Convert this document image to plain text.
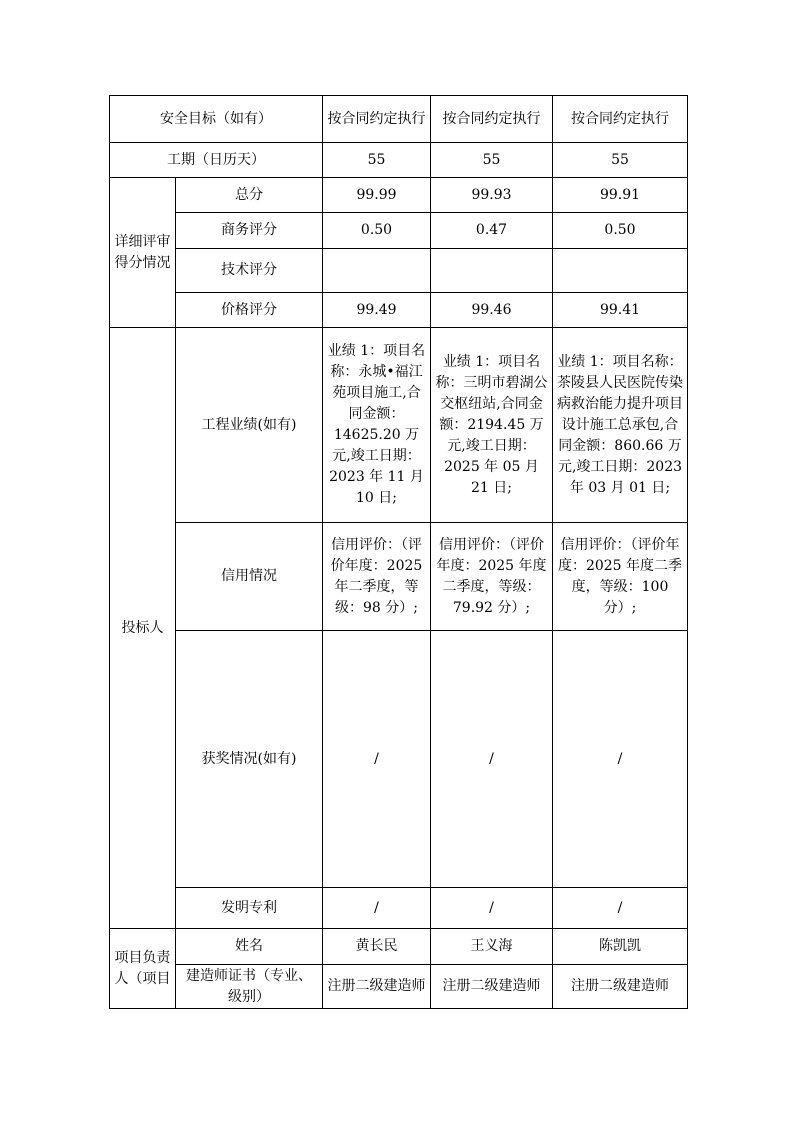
安全目标（如有）		按合同约定执行	按合同约定执行	按合同约定执行
工期（日历天）		55	55	55
详细评审得分情况	总分	99.99	99.93	99.91
	商务评分	0.50	0.47	0.50
	技术评分			
	价格评分	99.49	99.46	99.41
投标人	工程业绩(如有)	业绩 1：项目名称：永城•福江苑项目施工,合同金额：14625.20 万元,竣工日期：2023 年 11 月 10 日;	业绩 1：项目名称：三明市碧湖公交枢纽站,合同金额：2194.45 万元,竣工日期：2025 年 05 月 21 日;	业绩 1：项目名称：茶陵县人民医院传染病救治能力提升项目设计施工总承包,合同金额：860.66 万元,竣工日期：2023 年 03 月 01 日;
	信用情况	信用评价：（评价年度：2025 年二季度，等级：98 分）;	信用评价：（评价年度：2025 年度二季度，等级：79.92 分）;	信用评价：（评价年度：2025 年度二季度，等级：100 分）;
	获奖情况(如有)	/	/	/
	发明专利	/	/	/
项目负责人（项目	姓名	黄长民	王义海	陈凯凯
	建造师证书（专业、级别）	注册二级建造师	注册二级建造师	注册二级建造师
